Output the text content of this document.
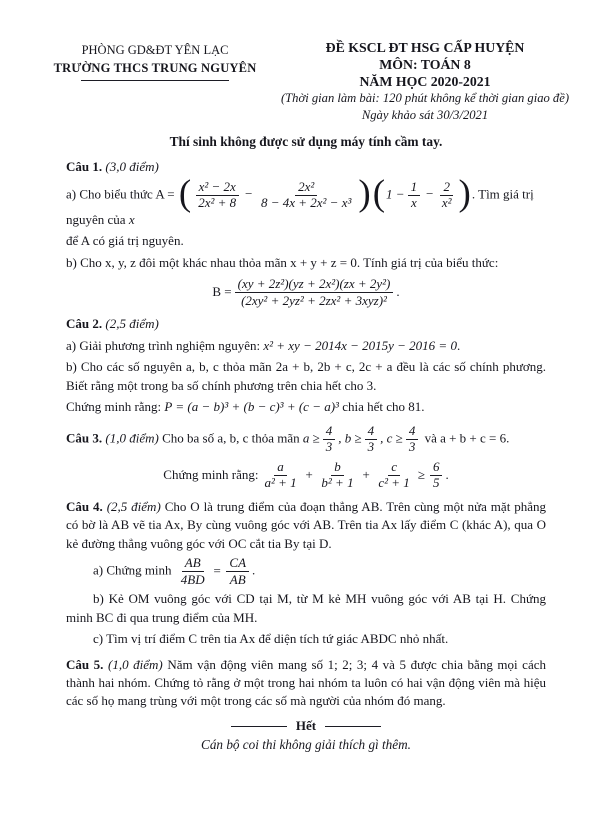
PHÒNG GD&ĐT YÊN LẠC
TRƯỜNG THCS TRUNG NGUYÊN
ĐỀ KSCL ĐT HSG CẤP HUYỆN
MÔN: TOÁN 8
NĂM HỌC 2020-2021
(Thời gian làm bài: 120 phút không kể thời gian giao đề)
Ngày khảo sát 30/3/2021
Thí sinh không được sử dụng máy tính cầm tay.

Câu 1. (3,0 điểm)

a) Cho biểu thức A = ( $\frac{\text{x² − 2x}}{\text{2x² + 8}} - \frac{\text{2x²}}{\text{8 − 4x + 2x² − x³}} )(1 - \frac{1}{x} - \frac{2}{\text{x²}}$ ). Tìm giá trị nguyên của x

để A có giá trị nguyên.

b) Cho x, y, z đôi một khác nhau thỏa mãn x + y + z = 0. Tính giá trị của biểu thức:

$B = \frac{\text{(xy + 2z²)(yz + 2x²)(zx + 2y²)}}{\text{(2xy² + 2yz² + 2zx² + 3xyz)²}}$ .

Câu 2. (2,5 điểm)

a) Giải phương trình nghiệm nguyên: x² + xy − 2014x − 2015y − 2016 = 0.

b) Cho các số nguyên a, b, c thỏa mãn 2a + b, 2b + c, 2c + a đều là các số chính phương. Biết rằng một trong ba số chính phương trên chia hết cho 3.

Chứng minh rằng: P = (a − b)³ + (b − c)³ + (c − a)³ chia hết cho 81.

Câu 3. (1,0 điểm) Cho ba số a, b, c thỏa mãn $a \ge \frac{4}{3}$ , $b \ge \frac{4}{3}$ , $c \ge \frac{4}{3}$ và a + b + c = 6.

Chứng minh rằng: $\frac{a}{\text{a² + 1}} + \frac{b}{\text{b² + 1}} + \frac{c}{\text{c² + 1}} \ge \frac{6}{5}$ .

Câu 4. (2,5 điểm) Cho O là trung điểm của đoạn thẳng AB. Trên cùng một nửa mặt phẳng có bờ là AB vẽ tia Ax, By cùng vuông góc với AB. Trên tia Ax lấy điểm C (khác A), qua O kẻ đường thẳng vuông góc với OC cắt tia By tại D.

a) Chứng minh $\frac{AB}{4BD} = \frac{CA}{AB}$ .

b) Kẻ OM vuông góc với CD tại M, từ M kẻ MH vuông góc với AB tại H. Chứng minh BC đi qua trung điểm của MH.

c) Tìm vị trí điểm C trên tia Ax để diện tích tứ giác ABDC nhỏ nhất.

Câu 5. (1,0 điểm) Năm vận động viên mang số 1; 2; 3; 4 và 5 được chia bằng mọi cách thành hai nhóm. Chứng tỏ rằng ở một trong hai nhóm ta luôn có hai vận động viên mà hiệu các số họ mang trùng với một trong các số mà người của nhóm đó mang.

Hết
Cán bộ coi thi không giải thích gì thêm.
